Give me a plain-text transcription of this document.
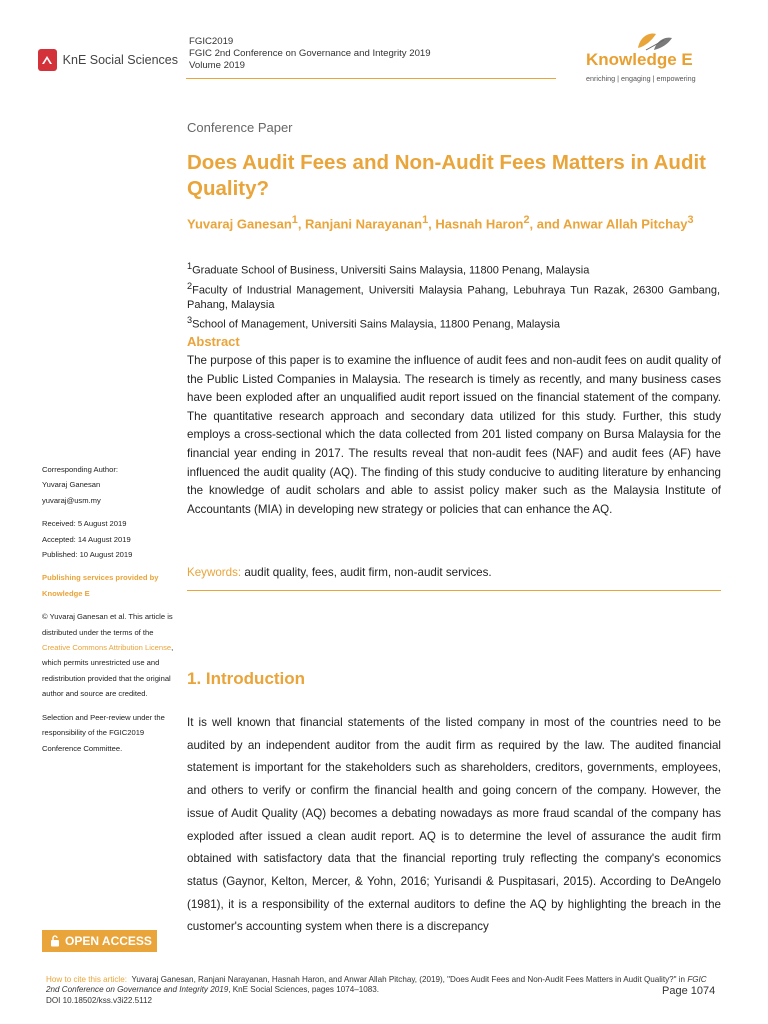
KnE Social Sciences
FGIC2019
FGIC 2nd Conference on Governance and Integrity 2019
Volume 2019	Knowledge E
enriching | engaging | empowering
Conference Paper
Does Audit Fees and Non-Audit Fees Matters in Audit Quality?
Yuvaraj Ganesan$^1$, Ranjani Narayanan$^1$, Hasnah Haron$^2$, and Anwar Allah Pitchay$^3$
$^1$Graduate School of Business, Universiti Sains Malaysia, 11800 Penang, Malaysia
$^2$Faculty of Industrial Management, Universiti Malaysia Pahang, Lebuhraya Tun Razak, 26300 Gambang, Pahang, Malaysia
$^3$School of Management, Universiti Sains Malaysia, 11800 Penang, Malaysia
Abstract
The purpose of this paper is to examine the influence of audit fees and non-audit fees on audit quality of the Public Listed Companies in Malaysia. The research is timely as recently, and many business cases have been exploded after an unqualified audit report issued on the financial statement of the company. The quantitative research approach and secondary data utilized for this study. Further, this study employs a cross-sectional which the data collected from 201 listed company on Bursa Malaysia for the financial year ending in 2017. The results reveal that non-audit fees (NAF) and audit fees (AF) have influenced the audit quality (AQ). The finding of this study conducive to auditing literature by enhancing the knowledge of audit scholars and able to assist policy maker such as the Malaysia Institute of Accountants (MIA) in developing new strategy or policies that can enhance the AQ.
Keywords: audit quality, fees, audit firm, non-audit services.
1. Introduction
It is well known that financial statements of the listed company in most of the countries need to be audited by an independent auditor from the audit firm as required by the law. The audited financial statement is important for the stakeholders such as shareholders, creditors, governments, employees, and others to verify or confirm the financial health and going concern of the company. However, the issue of Audit Quality (AQ) becomes a debating nowadays as more fraud scandal of the company has exploded after issued a clean audit report. AQ is to determine the level of assurance the audit firm obtained with satisfactory data that the financial reporting truly reflecting the company's economics status (Gaynor, Kelton, Mercer, & Yohn, 2016; Yurisandi & Puspitasari, 2015). According to DeAngelo (1981), it is a responsibility of the external auditors to define the AQ by highlighting the breach in the customer's accounting system when there is a discrepancy
Corresponding Author:
Yuvaraj Ganesan
yuvaraj@usm.my
Received: 5 August 2019
Accepted: 14 August 2019
Published: 10 August 2019
Publishing services provided by Knowledge E
© Yuvaraj Ganesan et al. This article is distributed under the terms of the Creative Commons Attribution License, which permits unrestricted use and redistribution provided that the original author and source are credited.
Selection and Peer-review under the responsibility of the FGIC2019 Conference Committee.
OPEN ACCESS
How to cite this article: Yuvaraj Ganesan, Ranjani Narayanan, Hasnah Haron, and Anwar Allah Pitchay, (2019), "Does Audit Fees and Non-Audit Fees Matters in Audit Quality?" in FGIC 2nd Conference on Governance and Integrity 2019, KnE Social Sciences, pages 1074–1083.
DOI 10.18502/kss.v3i22.5112
Page 1074
